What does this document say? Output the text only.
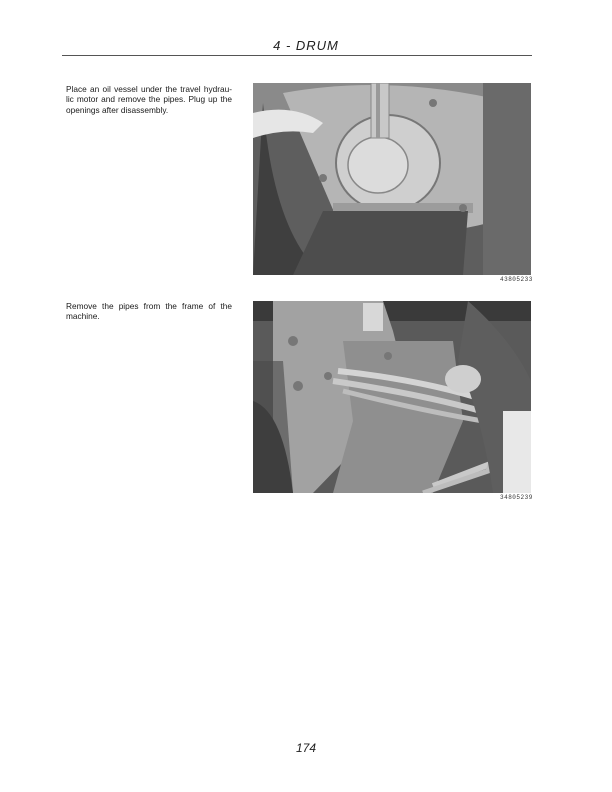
4 - DRUM
Place an oil vessel under the travel hydrau-lic motor and remove the pipes. Plug up the openings after disassembly.
43805233
Remove the pipes from the frame of the machine.
34805239
174
